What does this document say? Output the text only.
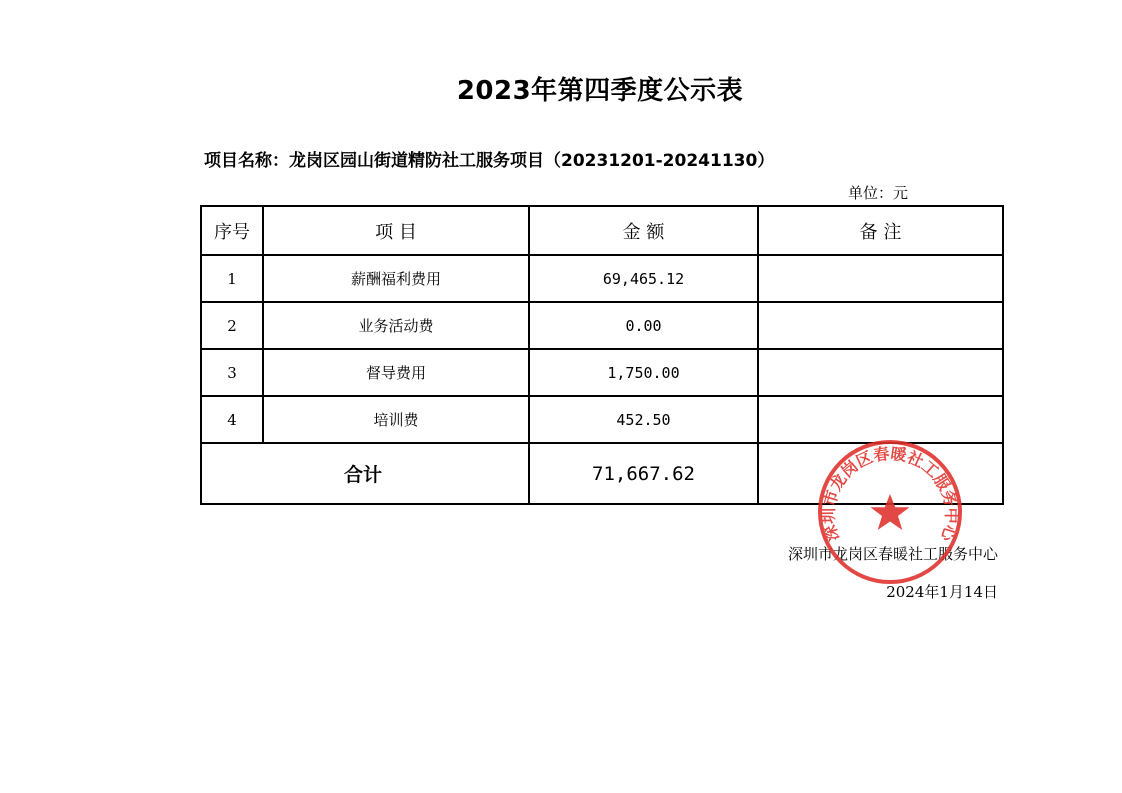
2023年第四季度公示表
项目名称：龙岗区园山街道精防社工服务项目（20231201-20241130）
单位：元
序号	项 目	金 额	备 注
1	薪酬福利费用	69,465.12	
2	业务活动费	0.00	
3	督导费用	1,750.00	
4	培训费	452.50	
合计		71,667.62	
深圳市龙岗区春暖社工服务中心
2024年1月14日
深圳市龙岗区春暖社工服务中心
